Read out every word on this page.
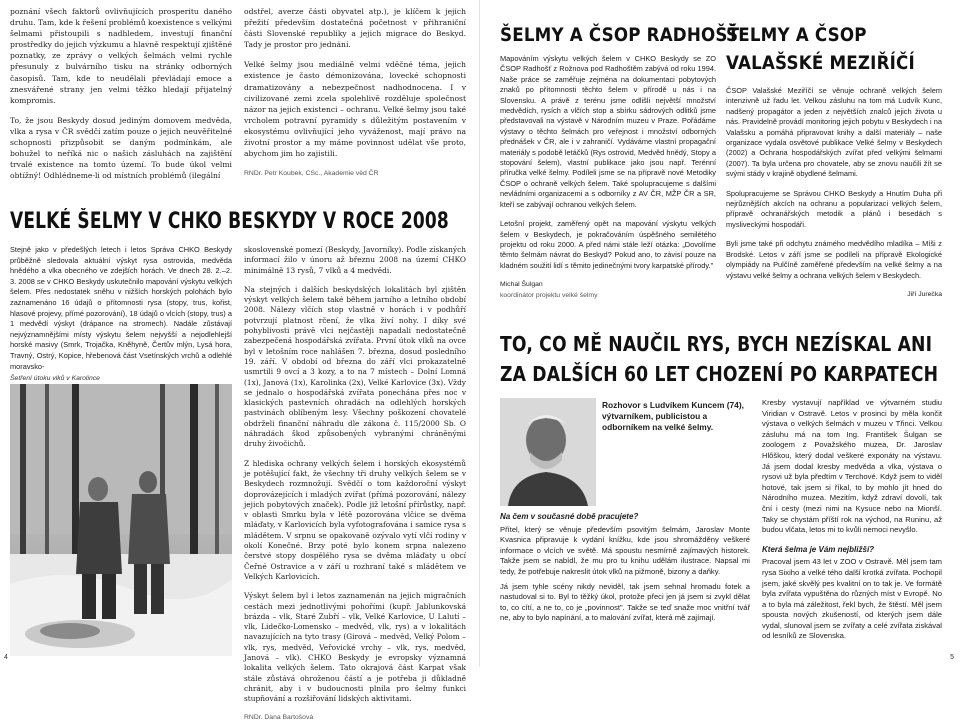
poznání všech faktorů ovlivňujících prosperitu daného druhu. Tam, kde k řešení problémů koexistence s velkými šelmami přistoupili s nadhledem, investují finanční prostředky do jejich výzkumu a hlavně respektují zjištěné poznatky, ze zprávy o velkých šelmách velmi rychle přesunuly z bulvárního tisku na stránky odborných časopisů. Tam, kde to neudělali převládají emoce a znesvářené strany jen velmi těžko hledají přijatelný kompromis.

To, že jsou Beskydy dosud jediným domovem medvěda, vlka a rysa v ČR svědčí zatím pouze o jejich neuvěřitelné schopnosti přizpůsobit se daným podmínkám, ale bohužel to neříká nic o našich zásluhách na zajištění trvalé existence na tomto území. To bude úkol velmi obtížný! Odhlédneme-li od místních problémů (ilegální

odstřel, averze části obyvatel atp.), je klíčem k jejich přežití především dostatečná početnost v přihraniční části Slovenské republiky a jejich migrace do Beskyd. Tady je prostor pro jednání.

Velké šelmy jsou mediálně velmi vděčné téma, jejich existence je často démonizována, lovecké schopnosti dramatizovány a nebezpečnost nadhodnocena. I v civilizované zemi zcela spolehlivě rozděluje společnost názor na jejich existenci – ochranu. Velké šelmy jsou také vrcholem potravní pyramidy s důležitým postavením v ekosystému ovlivňující jeho vyváženost, mají právo na životní prostor a my máme povinnost udělat vše proto, abychom jim ho zajistili.

RNDr. Petr Koubek, CSc., Akademie věd ČR
VELKÉ ŠELMY V CHKO BESKYDY V ROCE 2008
Stejně jako v předešlých letech i letos Správa CHKO Beskydy průběžně sledovala aktuální výskyt rysa ostrovida, medvěda hnědého a vlka obecného ve zdejších horách. Ve dnech 28. 2.–2. 3. 2008 se v CHKO Beskydy uskutečnilo mapování výskytu velkých šelem. Přes nedostatek sněhu v nižších horských polohách bylo zaznamenáno 16 údajů o přítomnosti rysa (stopy, trus, kořist, hlasové projevy, přímé pozorování), 18 údajů o vlcích (stopy, trus) a 1 medvědí výskyt (drápance na stromech). Nadále zůstávají nejvýznamnějšími místy výskytu šelem nejvyšší a nejodlehlejší horské masivy (Smrk, Trojačka, Kněhyně, Čertův mlýn, Lysá hora, Travný, Ostrý, Kopice, hřebenová část Vsetínských vrchů a odlehlé moravsko-
Šetření útoku vlků v Karolince

skoslovenské pomezí (Beskydy, Javorníky). Podle získaných informací žilo v únoru až březnu 2008 na území CHKO minimálně 13 rysů, 7 vlků a 4 medvědi.

Na stejných i dalších beskydských lokalitách byl zjištěn výskyt velkých šelem také během jarního a letního období 2008. Nálezy vlčích stop vlastně v horách i v podhůří potvrzují platnost rčení, že vlka živí nohy. I díky své pohyblivosti právě vlci nejčastěji napadali nedostatečně zabezpečená hospodářská zvířata. První útok vlků na ovce byl v letošním roce nahlášen 7. března, dosud posledního 19. září. V období od března do září vlci prokazatelně usmrtili 9 ovcí a 3 kozy, a to na 7 místech – Dolní Lomná (1x), Janová (1x), Karolinka (2x), Velké Karlovice (3x). Vždy se jednalo o hospodářská zvířata ponechána přes noc v klasických pastevních ohradách na odlehlých horských pastvinách oblíbeným lesy. Všechny poškození chovatelé obdrželi finanční náhradu dle zákona č. 115/2000 Sb. O náhradách škod způsobených vybranými chráněnými druhy živočichů.

Z hlediska ochrany velkých šelem i horských ekosystémů je potěšující fakt, že všechny tři druhy velkých šelem se v Beskydech rozmnožují. Svědčí o tom každoroční výskyt doprovázejících i mladých zvířat (přímá pozorování, nálezy jejich pobytových značek). Podle již letošní přírůstky, např. v oblasti Smrku byla v létě pozorována vlčice se dvěma mláďaty, v Karlovicích byla vyfotografována i samice rysa s mládětem. V srpnu se opakovaně ozývalo vytí vlčí rodiny v okolí Konečné. Brzy poté bylo konem srpna nalezeno čerstvé stopy dospělého rysa se dvěma mláďaty u obcí Čeřné Ostravice a v září u rozhraní také s mládětem ve Velkých Karlovicích.

Výskyt šelem byl i letos zaznamenán na jejich migračních cestách mezi jednotlivými pohořími (kupř. Jablunkovská brázda – vlk, Staré Zubří – vlk, Velké Karlovice, U Lalutí – vlk, Lidečko-Lomensko – medvěd, vlk, rys) a v lokalitách navazujících na tyto trasy (Girová – medvěd, Velký Polom – vlk, rys, medvěd, Veřovické vrchy – vlk, rys, medvěd, Janová – vlk). CHKO Beskydy je evropsky významná lokalita velkých šelem. Tato okrajová část Karpat však stále zůstává ohroženou částí a je potřeba ji důkladně chránit, aby i v budoucnosti plnila pro šelmy funkci stupňování a rozšiřování lidských aktivitami.

RNDr. Dana Bartošová
4
ŠELMY A ČSOP RADHOŠŤ

Mapováním výskytu velkých šelem v CHKO Beskydy se ZO ČSOP Radhošť z Rožnova pod Radhoštěm zabývá od roku 1994. Naše práce se zaměřuje zejména na dokumentaci pobytových znaků po přítomnosti těchto šelem v přírodě u nás i na Slovensku. A právě z terénu jsme odlišli největší množství medvědích, rysích a vlčích stop a sbírku sádrových odlitků jsme představovali na výstavě v Národním muzeu v Praze. Pořádáme výstavy o těchto šelmách pro veřejnost i množství odborných přednášek v ČR, ale i v zahraničí. Vydáváme vlastní propagační materiály s podobě letáčků (Rys ostrovid, Medvěd hnědý, Stopy a stopování šelem), vlastní publikace jako jsou např. Terénní příručka velké šelmy. Podíleli jsme se na přípravě nové Metodiky ČSOP o ochraně velkých šelem. Také spolupracujeme s dalšími nevládními organizacemi a s odborníky z AV ČR, MŽP ČR a SR, kteří se zabývají ochranou velkých šelem.

Letošní projekt, zaměřený opět na mapování výskytu velkých šelem v Beskydech, je pokračováním úspěšného semilétého projektu od roku 2000. A před námi stále leží otázka: „Dovolíme těmto šelmám návrat do Beskyd? Pokud ano, to závisí pouze na kladném soužití lidí s těmito jedinečnými tvory karpatské přírody."

Michal Šulgan
koordinátor projektu velké šelmy
ŠELMY A ČSOP
VALAŠSKÉ MEZIŘÍČÍ

ČSOP Valašské Meziříčí se věnuje ochraně velkých šelem intenzivně už řadu let. Velkou zásluhu na tom má Ludvík Kunc, nadšený propagátor a jeden z největších znalců jejich života u nás. Pravidelně provádí monitoring jejich pobytu v Beskydech i na Valašsku a pomáhá připravovat knihy a další materiály – naše organizace vydala osvětové publikace Velké šelmy v Beskydech (2002) a Ochrana hospodářských zvířat před velkými šelmami (2007). Ta byla určena pro chovatele, aby se znovu naučili žít se svými stády v krajině obydlené šelmami.

Spolupracujeme se Správou CHKO Beskydy a Hnutím Duha při nejrůznějších akcích na ochranu a popularizaci velkých šelem, přípravě ochranářských metodik a plánů i besedách s mysliveckými hospodáři.

Byli jsme také při odchytu známého medvědího mladíka – Míši z Brodské. Letos v září jsme se podíleli na přípravě Ekologické olympiády na Pulčíně zaměřené především na velké šelmy a na výstavu velké šelmy a ochrana velkých šelem v Beskydech.

Jiří Jurečka
TO, CO MĚ NAUČIL RYS, BYCH NEZÍSKAL ANI
ZA DALŠÍCH 60 LET CHOZENÍ PO KARPATECH
Rozhovor s Ludvíkem Kuncem (74), výtvarníkem, publicistou a odborníkem na velké šelmy.
Na čem v současné době pracujete?

Přítel, který se věnuje především psovitým šelmám, Jaroslav Monte Kvasnica připravuje k vydání knížku, kde jsou shromážděny veškeré informace o vlcích ve světě. Má spoustu nesmírně zajímavých historek. Takže jsem se nabídl, že mu pro tu knihu udělám ilustrace. Napsal mi tedy, že potřebuje nakreslit útok vlků na pižmoně, bizony a daňky.

Já jsem tyhle scény nikdy neviděl, tak jsem sehnal hromadu fotek a nastudoval si to. Byl to těžký úkol, protože přeci jen já jsem si zvykl dělat to, co cítí, a ne to, co je „povinnost". Takže se teď snaže moc vnitřní tvář ne, aby to bylo napínání, a to malování zvířat, která mě zajímají.

Kresby vystavují například ve výtvarném studiu Viridian v Ostravě. Letos v prosinci by měla končit výstava o velkých šelmách v muzeu v Třinci. Velkou zásluhu má na tom Ing. František Šulgan se zoologem z Považského muzea, Dr. Jaroslav Hlôškou, který dodal veškeré exponáty na výstavu. Já jsem dodal kresby medvěda a vlka, výstava o rysovi už byla předtím v Terchové. Když jsem to viděl hotové, tak jsem si říkal, to by mohlo jít hned do Národního muzea. Mezitím, když zdraví dovolí, tak ční i cesty (mezi nimi na Kysuce nebo na Mionší. Taky se chystám příští rok na východ, na Runinu, až budou vlčata, letos mi to kvůli nemoci nevyšlo.

Která šelma je Vám nejbližší?

Pracoval jsem 43 let v ZOO v Ostravě. Měl jsem tam rysa Sixiho a velké tého další krotká zvířata. Pochopil jsem, jaké skvělý pes kvalitní on to tak je. Ve formátě byla zvířata vypuštěna do různých míst v Evropě. No a to byla má záležitost, řekl bych, že štěstí. Měl jsem spousta nových zkušeností, od kterých jsem dále vydal, slunoval jsem se zvířaty a celé zvířata ziskával od lesníků ze Slovenska.

5
